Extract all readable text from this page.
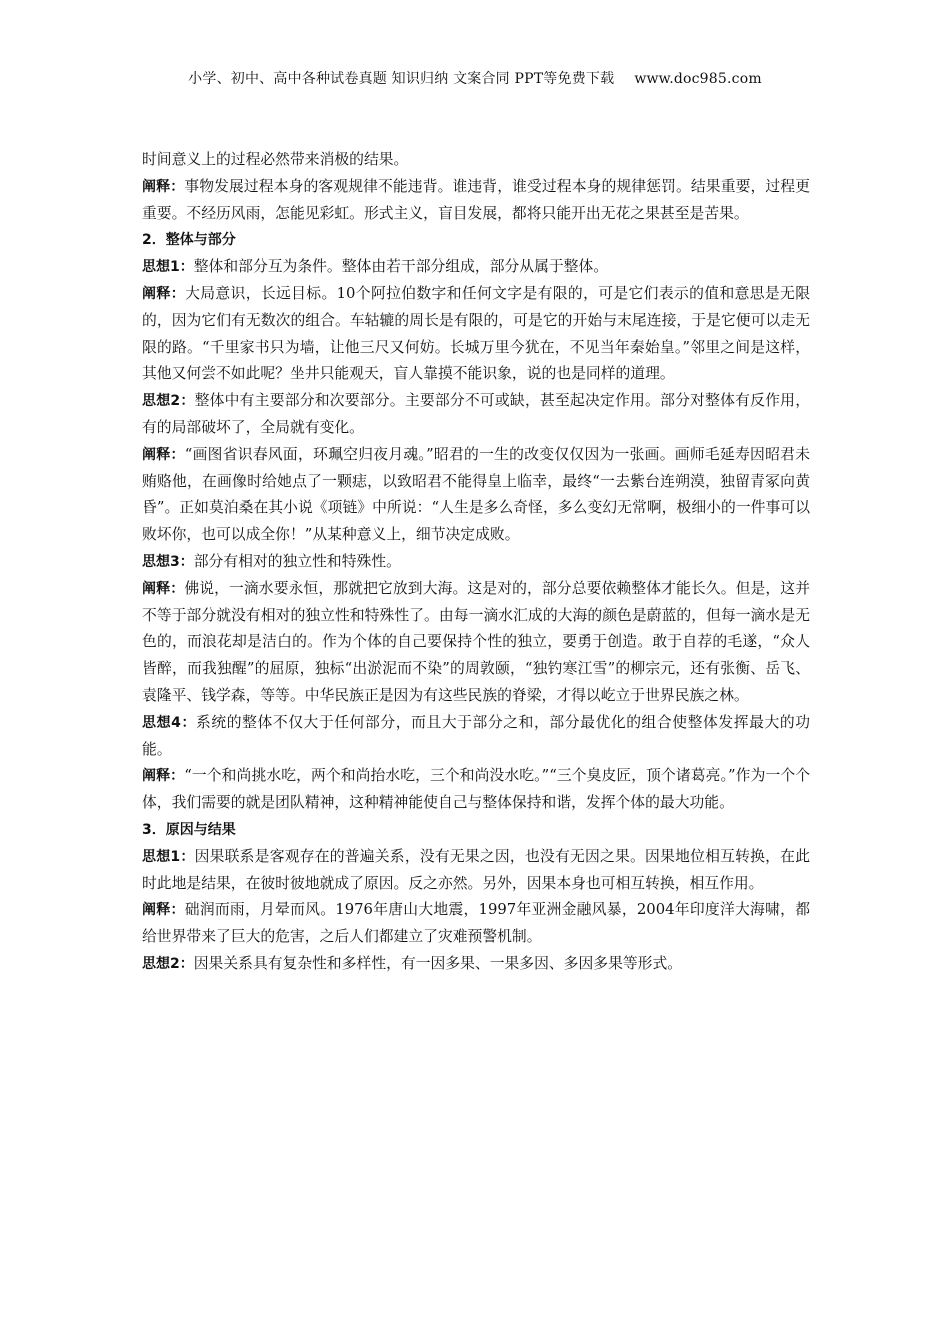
小学、初中、高中各种试卷真题 知识归纳 文案合同 PPT等免费下载 www.doc985.com

时间意义上的过程必然带来消极的结果。

阐释：事物发展过程本身的客观规律不能违背。谁违背，谁受过程本身的规律惩罚。结果重要，过程更重要。不经历风雨，怎能见彩虹。形式主义，盲目发展，都将只能开出无花之果甚至是苦果。

2．整体与部分

思想1：整体和部分互为条件。整体由若干部分组成，部分从属于整体。

阐释：大局意识，长远目标。10个阿拉伯数字和任何文字是有限的，可是它们表示的值和意思是无限的，因为它们有无数次的组合。车轱辘的周长是有限的，可是它的开始与末尾连接，于是它便可以走无限的路。“千里家书只为墙，让他三尺又何妨。长城万里今犹在，不见当年秦始皇。”邻里之间是这样，其他又何尝不如此呢？坐井只能观天，盲人靠摸不能识象，说的也是同样的道理。

思想2：整体中有主要部分和次要部分。主要部分不可或缺，甚至起决定作用。部分对整体有反作用，有的局部破坏了，全局就有变化。

阐释：“画图省识春风面，环珮空归夜月魂。”昭君的一生的改变仅仅因为一张画。画师毛延寿因昭君未贿赂他，在画像时给她点了一颗痣，以致昭君不能得皇上临幸，最终“一去紫台连朔漠，独留青冢向黄昏”。正如莫泊桑在其小说《项链》中所说：“人生是多么奇怪，多么变幻无常啊，极细小的一件事可以败坏你，也可以成全你！”从某种意义上，细节决定成败。

思想3：部分有相对的独立性和特殊性。

阐释：佛说，一滴水要永恒，那就把它放到大海。这是对的，部分总要依赖整体才能长久。但是，这并不等于部分就没有相对的独立性和特殊性了。由每一滴水汇成的大海的颜色是蔚蓝的，但每一滴水是无色的，而浪花却是洁白的。作为个体的自己要保持个性的独立，要勇于创造。敢于自荐的毛遂，“众人皆醉，而我独醒”的屈原，独标“出淤泥而不染”的周敦颐，“独钓寒江雪”的柳宗元，还有张衡、岳飞、袁隆平、钱学森，等等。中华民族正是因为有这些民族的脊梁，才得以屹立于世界民族之林。

思想4：系统的整体不仅大于任何部分，而且大于部分之和，部分最优化的组合使整体发挥最大的功能。

阐释：“一个和尚挑水吃，两个和尚抬水吃，三个和尚没水吃。”“三个臭皮匠，顶个诸葛亮。”作为一个个体，我们需要的就是团队精神，这种精神能使自己与整体保持和谐，发挥个体的最大功能。

3．原因与结果

思想1：因果联系是客观存在的普遍关系，没有无果之因，也没有无因之果。因果地位相互转换，在此时此地是结果，在彼时彼地就成了原因。反之亦然。另外，因果本身也可相互转换，相互作用。

阐释：础润而雨，月晕而风。1976年唐山大地震，1997年亚洲金融风暴，2004年印度洋大海啸，都给世界带来了巨大的危害，之后人们都建立了灾难预警机制。

思想2：因果关系具有复杂性和多样性，有一因多果、一果多因、多因多果等形式。
